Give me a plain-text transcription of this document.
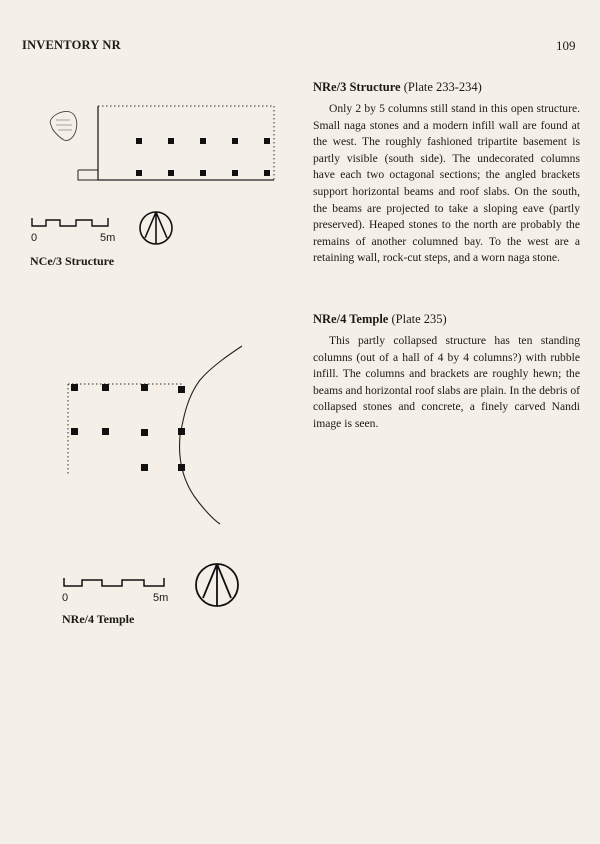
INVENTORY NR	109

NRe/3 Structure (Plate 233-234)

Only 2 by 5 columns still stand in this open structure. Small naga stones and a modern infill wall are found at the west. The roughly fashioned tripartite basement is partly visible (south side). The undecorated columns have each two octagonal sections; the angled brackets support horizontal beams and roof slabs. On the south, the beams are projected to take a sloping eave (partly preserved). Heaped stones to the north are probably the remains of another columned bay. To the west are a retaining wall, rock-cut steps, and a worn naga stone.

NRe/4 Temple (Plate 235)

This partly collapsed structure has ten standing columns (out of a hall of 4 by 4 columns?) with rubble infill. The columns and brackets are roughly hewn; the beams and horizontal roof slabs are plain. In the debris of collapsed stones and concrete, a finely carved Nandi image is seen.

0	5m
NCe/3 Structure
0	5m
NRe/4 Temple
